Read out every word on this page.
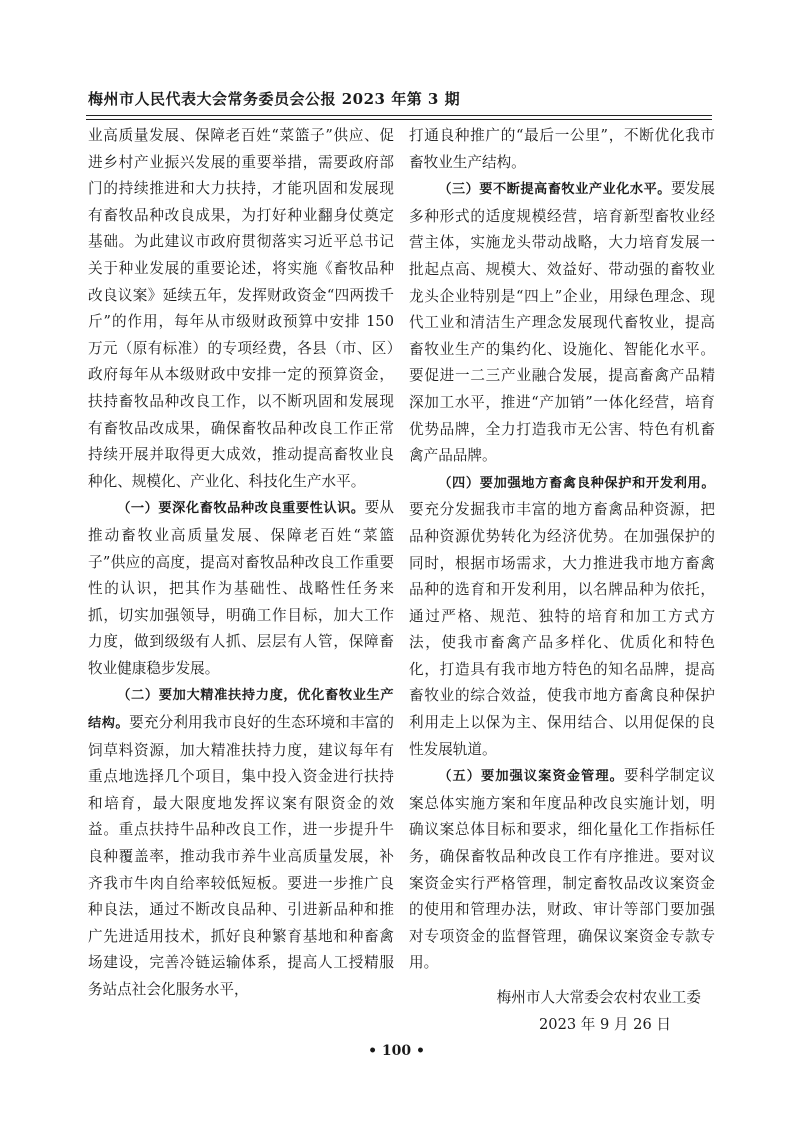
梅州市人民代表大会常务委员会公报 2023 年第 3 期

业高质量发展、保障老百姓“菜篮子”供应、促进乡村产业振兴发展的重要举措，需要政府部门的持续推进和大力扶持，才能巩固和发展现有畜牧品种改良成果，为打好种业翻身仗奠定基础。为此建议市政府贯彻落实习近平总书记关于种业发展的重要论述，将实施《畜牧品种改良议案》延续五年，发挥财政资金“四两拨千斤”的作用，每年从市级财政预算中安排 150 万元（原有标准）的专项经费，各县（市、区）政府每年从本级财政中安排一定的预算资金，扶持畜牧品种改良工作，以不断巩固和发展现有畜牧品改成果，确保畜牧品种改良工作正常持续开展并取得更大成效，推动提高畜牧业良种化、规模化、产业化、科技化生产水平。

（一）要深化畜牧品种改良重要性认识。要从推动畜牧业高质量发展、保障老百姓“菜篮子”供应的高度，提高对畜牧品种改良工作重要性的认识，把其作为基础性、战略性任务来抓，切实加强领导，明确工作目标，加大工作力度，做到级级有人抓、层层有人管，保障畜牧业健康稳步发展。

（二）要加大精准扶持力度，优化畜牧业生产结构。要充分利用我市良好的生态环境和丰富的饲草料资源，加大精准扶持力度，建议每年有重点地选择几个项目，集中投入资金进行扶持和培育，最大限度地发挥议案有限资金的效益。重点扶持牛品种改良工作，进一步提升牛良种覆盖率，推动我市养牛业高质量发展，补齐我市牛肉自给率较低短板。要进一步推广良种良法，通过不断改良品种、引进新品种和推广先进适用技术，抓好良种繁育基地和种畜禽场建设，完善冷链运输体系，提高人工授精服务站点社会化服务水平，

打通良种推广的“最后一公里”，不断优化我市畜牧业生产结构。

（三）要不断提高畜牧业产业化水平。要发展多种形式的适度规模经营，培育新型畜牧业经营主体，实施龙头带动战略，大力培育发展一批起点高、规模大、效益好、带动强的畜牧业龙头企业特别是“四上”企业，用绿色理念、现代工业和清洁生产理念发展现代畜牧业，提高畜牧业生产的集约化、设施化、智能化水平。要促进一二三产业融合发展，提高畜禽产品精深加工水平，推进“产加销”一体化经营，培育优势品牌，全力打造我市无公害、特色有机畜禽产品品牌。

（四）要加强地方畜禽良种保护和开发利用。要充分发掘我市丰富的地方畜禽品种资源，把品种资源优势转化为经济优势。在加强保护的同时，根据市场需求，大力推进我市地方畜禽品种的选育和开发利用，以名牌品种为依托，通过严格、规范、独特的培育和加工方式方法，使我市畜禽产品多样化、优质化和特色化，打造具有我市地方特色的知名品牌，提高畜牧业的综合效益，使我市地方畜禽良种保护利用走上以保为主、保用结合、以用促保的良性发展轨道。

（五）要加强议案资金管理。要科学制定议案总体实施方案和年度品种改良实施计划，明确议案总体目标和要求，细化量化工作指标任务，确保畜牧品种改良工作有序推进。要对议案资金实行严格管理，制定畜牧品改议案资金的使用和管理办法，财政、审计等部门要加强对专项资金的监督管理，确保议案资金专款专用。

梅州市人大常委会农村农业工委

2023 年 9 月 26 日

• 100 •
